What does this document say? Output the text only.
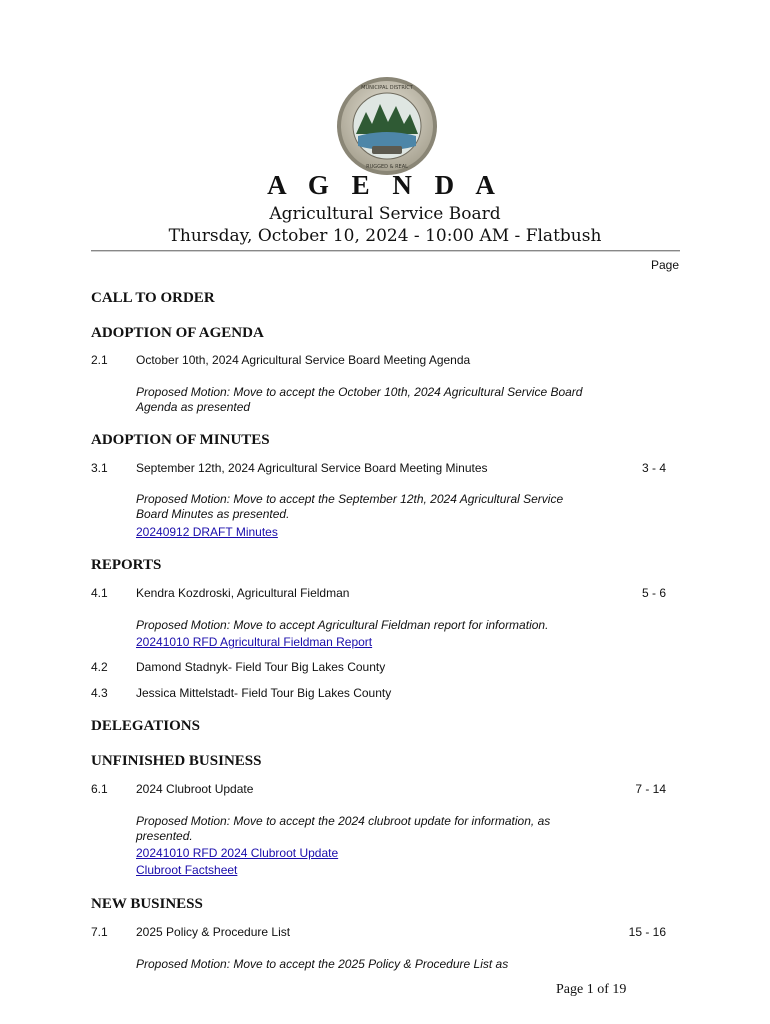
MUNICIPAL DISTRICT
RUGGED & REAL
A G E N D A
Agricultural Service Board
Thursday, October 10, 2024 - 10:00 AM - Flatbush
Page
CALL TO ORDER
ADOPTION OF AGENDA
2.1 October 10th, 2024 Agricultural Service Board Meeting Agenda
Proposed Motion: Move to accept the October 10th, 2024 Agricultural Service Board Agenda as presented
ADOPTION OF MINUTES
3.1 September 12th, 2024 Agricultural Service Board Meeting Minutes	3 - 4
Proposed Motion: Move to accept the September 12th, 2024 Agricultural Service Board Minutes as presented.
20240912 DRAFT Minutes
REPORTS
4.1 Kendra Kozdroski, Agricultural Fieldman	5 - 6
Proposed Motion: Move to accept Agricultural Fieldman report for information.
20241010 RFD Agricultural Fieldman Report
4.2 Damond Stadnyk- Field Tour Big Lakes County
4.3 Jessica Mittelstadt- Field Tour Big Lakes County
DELEGATIONS
UNFINISHED BUSINESS
6.1 2024 Clubroot Update	7 - 14
Proposed Motion: Move to accept the 2024 clubroot update for information, as presented.
20241010 RFD 2024 Clubroot Update
Clubroot Factsheet
NEW BUSINESS
7.1 2025 Policy & Procedure List	15 - 16
Proposed Motion: Move to accept the 2025 Policy & Procedure List as
Page 1 of 19
